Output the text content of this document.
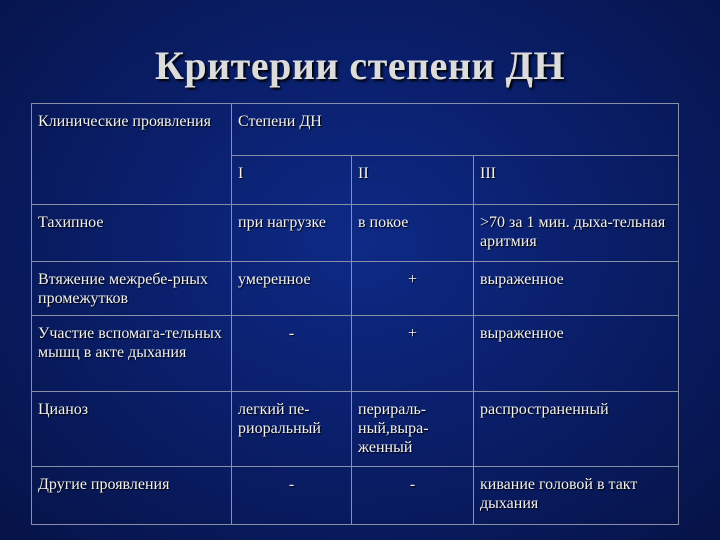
Критерии степени ДН
Клинические проявления	Степени ДН		
	I	II	III
Тахипное	при нагрузке	в покое	>70 за 1 мин. дыха-тельная аритмия
Втяжение межребе-рных промежутков	умеренное	+	выраженное
Участие вспомага-тельных мышц в акте дыхания	-	+	выраженное
Цианоз	легкий пе-риоральный	перираль-ный,выра-женный	распространенный
Другие проявления	-	-	кивание головой в такт дыхания
